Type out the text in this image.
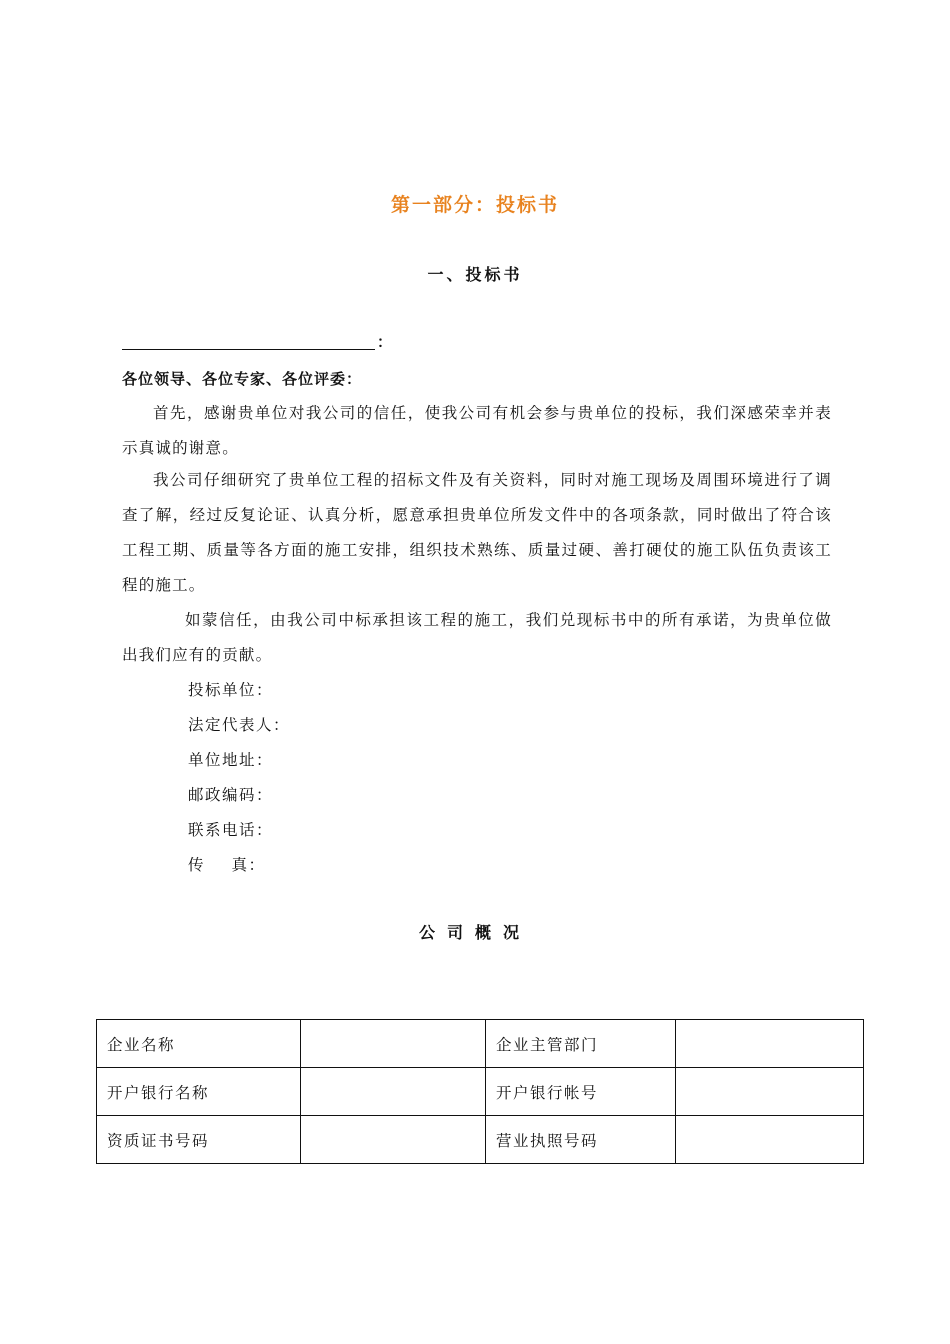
第一部分：投标书
一、投标书
：
各位领导、各位专家、各位评委：
首先，感谢贵单位对我公司的信任，使我公司有机会参与贵单位的投标，我们深感荣幸并表示真诚的谢意。
我公司仔细研究了贵单位工程的招标文件及有关资料，同时对施工现场及周围环境进行了调查了解，经过反复论证、认真分析，愿意承担贵单位所发文件中的各项条款，同时做出了符合该工程工期、质量等各方面的施工安排，组织技术熟练、质量过硬、善打硬仗的施工队伍负责该工程的施工。
如蒙信任，由我公司中标承担该工程的施工，我们兑现标书中的所有承诺，为贵单位做出我们应有的贡献。
投标单位：
法定代表人：
单位地址：
邮政编码：
联系电话：
传 真：
公司概况
企业名称		企业主管部门	
开户银行名称		开户银行帐号	
资质证书号码		营业执照号码	
